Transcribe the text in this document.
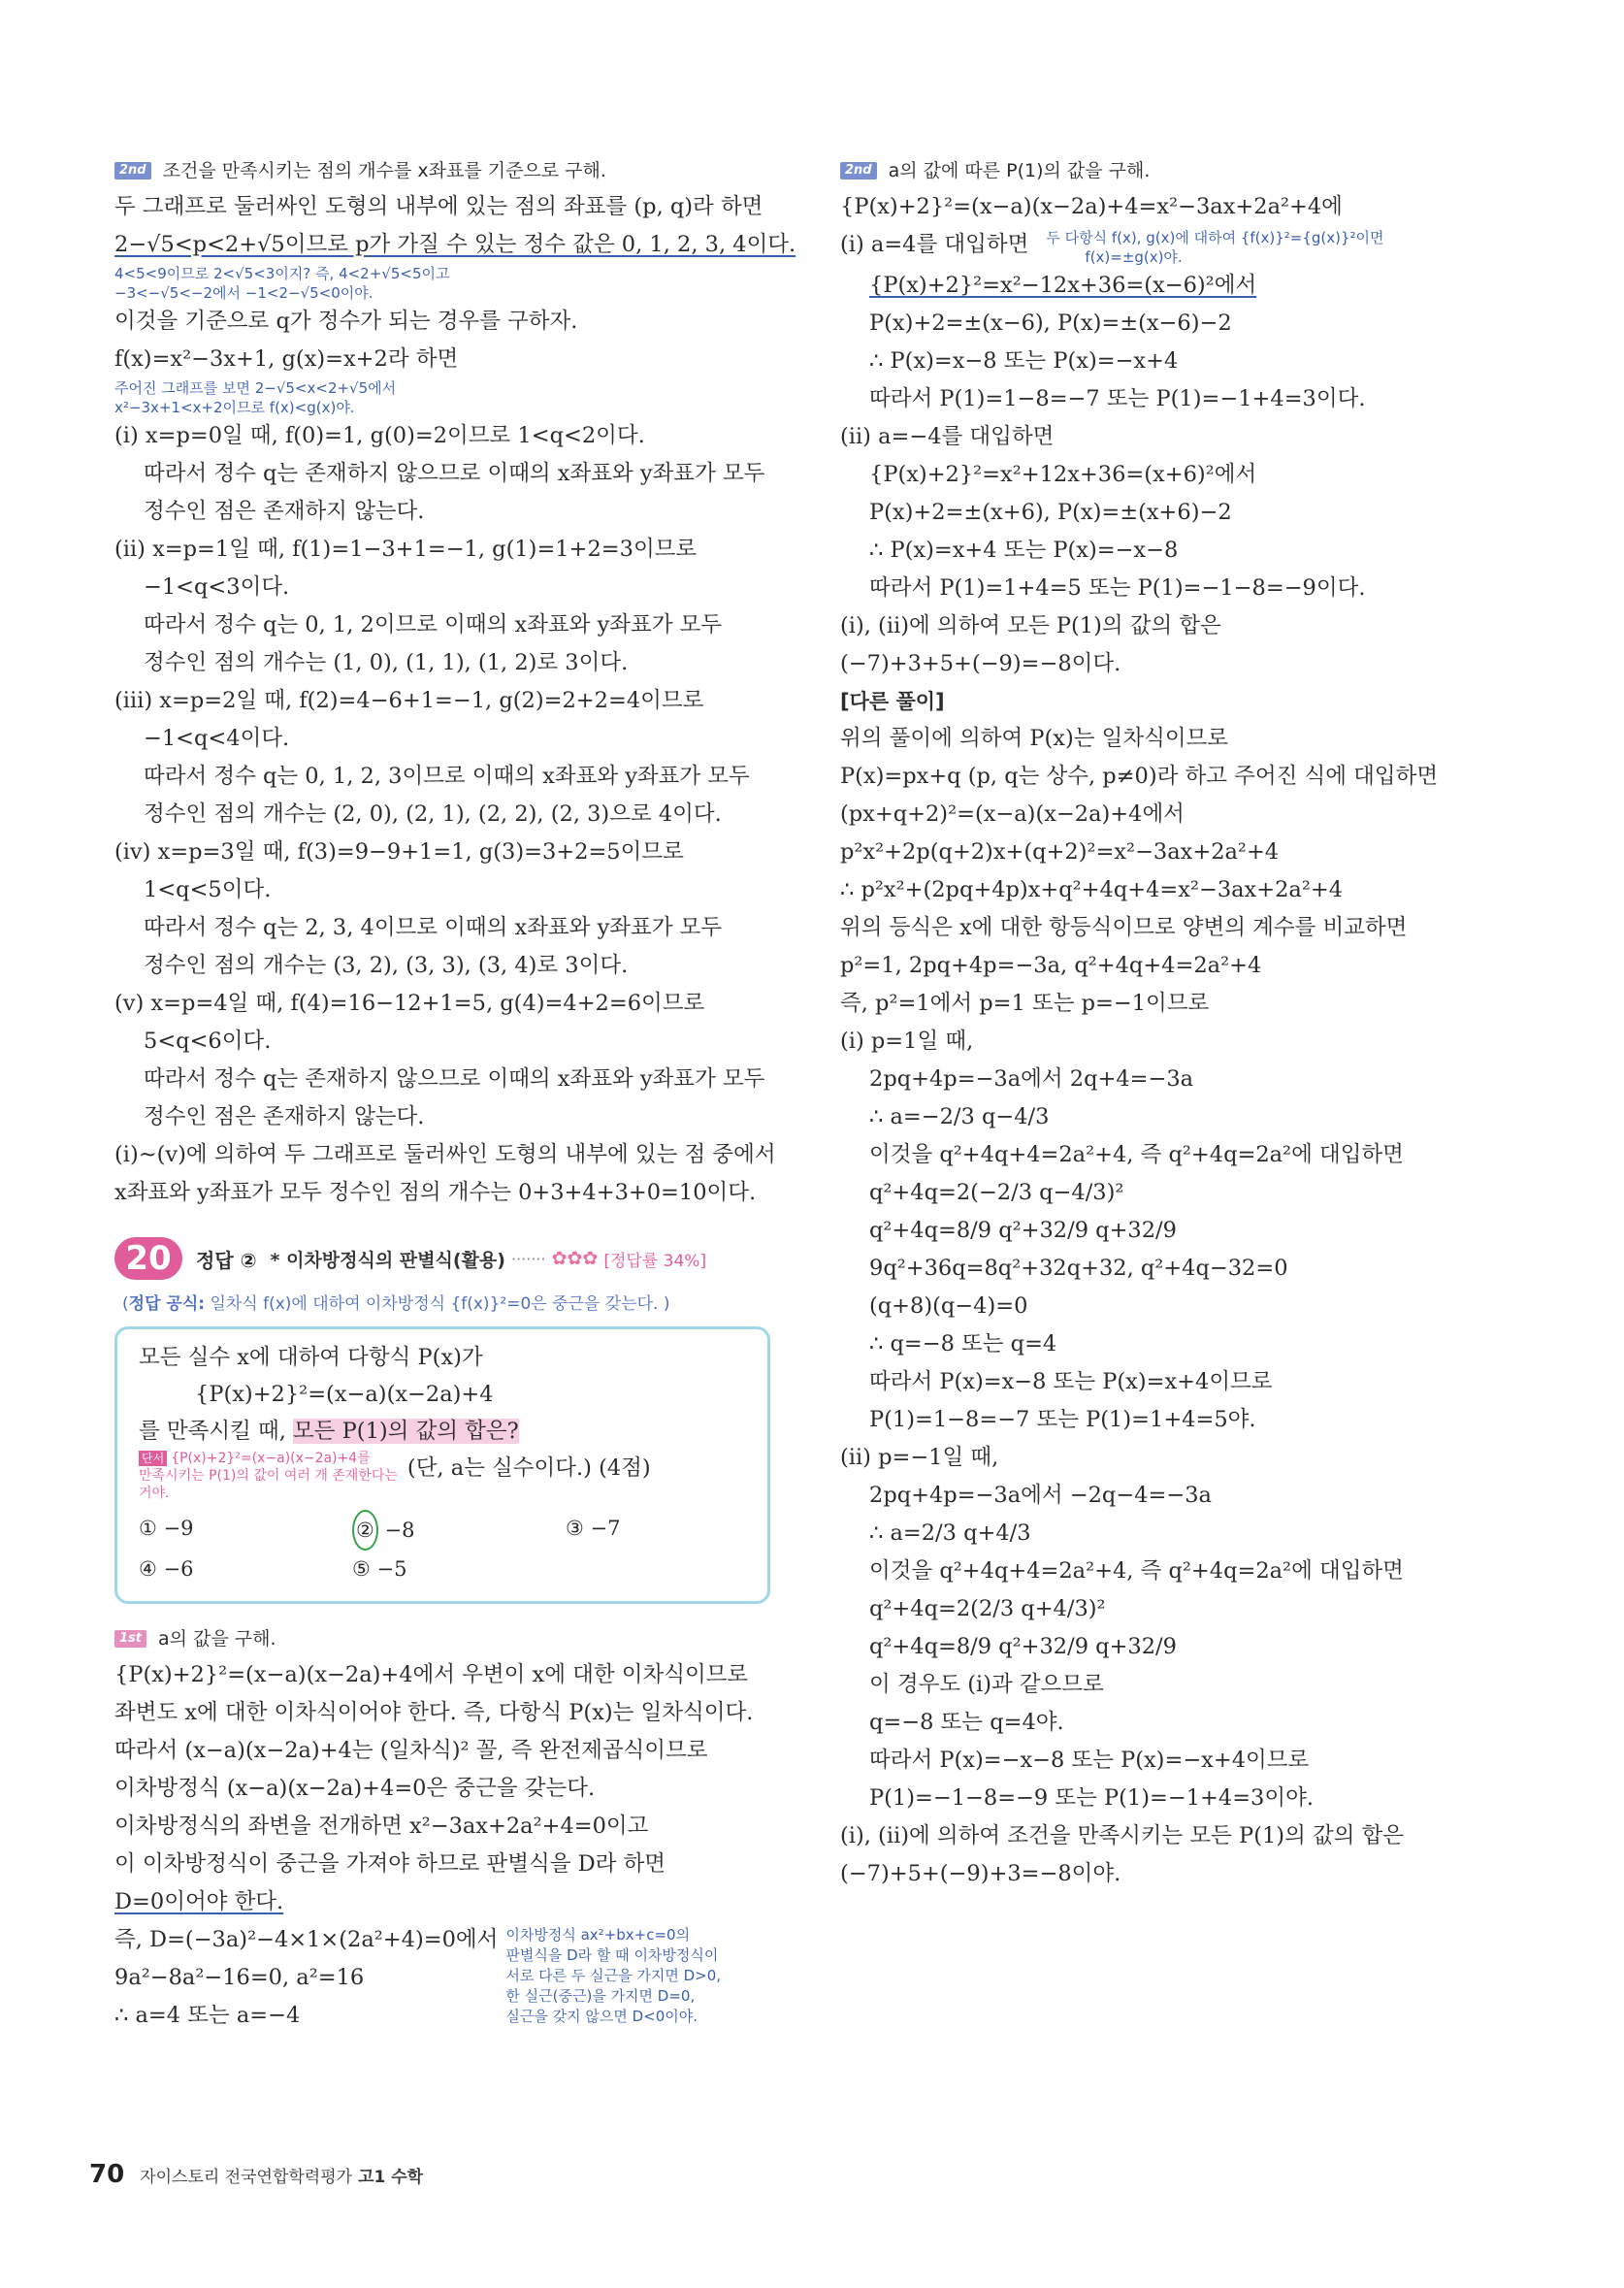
2nd 조건을 만족시키는 점의 개수를 x좌표를 기준으로 구해.
두 그래프로 둘러싸인 도형의 내부에 있는 점의 좌표를 (p, q)라 하면
2−√5<p<2+√5이므로 p가 가질 수 있는 정수 값은 0, 1, 2, 3, 4이다.
4<5<9이므로 2<√5<3이지? 즉, 4<2+√5<5이고
−3<−√5<−2에서 −1<2−√5<0이야.
이것을 기준으로 q가 정수가 되는 경우를 구하자.
f(x)=x²−3x+1, g(x)=x+2라 하면
주어진 그래프를 보면 2−√5<x<2+√5에서
x²−3x+1<x+2이므로 f(x)<g(x)야.
(ⅰ) x=p=0일 때, f(0)=1, g(0)=2이므로 1<q<2이다.
따라서 정수 q는 존재하지 않으므로 이때의 x좌표와 y좌표가 모두
정수인 점은 존재하지 않는다.
(ⅱ) x=p=1일 때, f(1)=1−3+1=−1, g(1)=1+2=3이므로
−1<q<3이다.
따라서 정수 q는 0, 1, 2이므로 이때의 x좌표와 y좌표가 모두
정수인 점의 개수는 (1, 0), (1, 1), (1, 2)로 3이다.
(ⅲ) x=p=2일 때, f(2)=4−6+1=−1, g(2)=2+2=4이므로
−1<q<4이다.
따라서 정수 q는 0, 1, 2, 3이므로 이때의 x좌표와 y좌표가 모두
정수인 점의 개수는 (2, 0), (2, 1), (2, 2), (2, 3)으로 4이다.
(ⅳ) x=p=3일 때, f(3)=9−9+1=1, g(3)=3+2=5이므로
1<q<5이다.
따라서 정수 q는 2, 3, 4이므로 이때의 x좌표와 y좌표가 모두
정수인 점의 개수는 (3, 2), (3, 3), (3, 4)로 3이다.
(ⅴ) x=p=4일 때, f(4)=16−12+1=5, g(4)=4+2=6이므로
5<q<6이다.
따라서 정수 q는 존재하지 않으므로 이때의 x좌표와 y좌표가 모두
정수인 점은 존재하지 않는다.
(ⅰ)~(ⅴ)에 의하여 두 그래프로 둘러싸인 도형의 내부에 있는 점 중에서
x좌표와 y좌표가 모두 정수인 점의 개수는 0+3+4+3+0=10이다.
20	정답 ② * 이차방정식의 판별식(활용) ······· ✿✿✿ [정답률 34%]
(정답 공식: 일차식 f(x)에 대하여 이차방정식 {f(x)}²=0은 중근을 갖는다. )
모든 실수 x에 대하여 다항식 P(x)가
{P(x)+2}²=(x−a)(x−2a)+4
를 만족시킬 때, 모든 P(1)의 값의 합은?
단서 {P(x)+2}²=(x−a)(x−2a)+4를
만족시키는 P(1)의 값이 여러 개 존재한다는
거야.
(단, a는 실수이다.) (4점)
① −9	② −8	③ −7
④ −6	⑤ −5
1st a의 값을 구해.
{P(x)+2}²=(x−a)(x−2a)+4에서 우변이 x에 대한 이차식이므로
좌변도 x에 대한 이차식이어야 한다. 즉, 다항식 P(x)는 일차식이다.
따라서 (x−a)(x−2a)+4는 (일차식)² 꼴, 즉 완전제곱식이므로
이차방정식 (x−a)(x−2a)+4=0은 중근을 갖는다.
이차방정식의 좌변을 전개하면 x²−3ax+2a²+4=0이고
이 이차방정식이 중근을 가져야 하므로 판별식을 D라 하면
D=0이어야 한다.
즉, D=(−3a)²−4×1×(2a²+4)=0에서
9a²−8a²−16=0, a²=16
∴ a=4 또는 a=−4
이차방정식 ax²+bx+c=0의
판별식을 D라 할 때 이차방정식이
서로 다른 두 실근을 가지면 D>0,
한 실근(중근)을 가지면 D=0,
실근을 갖지 않으면 D<0이야.
2nd a의 값에 따른 P(1)의 값을 구해.
{P(x)+2}²=(x−a)(x−2a)+4=x²−3ax+2a²+4에
(ⅰ) a=4를 대입하면 두 다항식 f(x), g(x)에 대하여 {f(x)}²={g(x)}²이면
f(x)=±g(x)야.
{P(x)+2}²=x²−12x+36=(x−6)²에서
P(x)+2=±(x−6), P(x)=±(x−6)−2
∴ P(x)=x−8 또는 P(x)=−x+4
따라서 P(1)=1−8=−7 또는 P(1)=−1+4=3이다.
(ⅱ) a=−4를 대입하면
{P(x)+2}²=x²+12x+36=(x+6)²에서
P(x)+2=±(x+6), P(x)=±(x+6)−2
∴ P(x)=x+4 또는 P(x)=−x−8
따라서 P(1)=1+4=5 또는 P(1)=−1−8=−9이다.
(ⅰ), (ⅱ)에 의하여 모든 P(1)의 값의 합은
(−7)+3+5+(−9)=−8이다.
[다른 풀이]
위의 풀이에 의하여 P(x)는 일차식이므로
P(x)=px+q (p, q는 상수, p≠0)라 하고 주어진 식에 대입하면
(px+q+2)²=(x−a)(x−2a)+4에서
p²x²+2p(q+2)x+(q+2)²=x²−3ax+2a²+4
∴ p²x²+(2pq+4p)x+q²+4q+4=x²−3ax+2a²+4
위의 등식은 x에 대한 항등식이므로 양변의 계수를 비교하면
p²=1, 2pq+4p=−3a, q²+4q+4=2a²+4
즉, p²=1에서 p=1 또는 p=−1이므로
(ⅰ) p=1일 때,
2pq+4p=−3a에서 2q+4=−3a
∴ a=−2/3 q−4/3
이것을 q²+4q+4=2a²+4, 즉 q²+4q=2a²에 대입하면
q²+4q=2(−2/3 q−4/3)²
q²+4q=8/9 q²+32/9 q+32/9
9q²+36q=8q²+32q+32, q²+4q−32=0
(q+8)(q−4)=0
∴ q=−8 또는 q=4
따라서 P(x)=x−8 또는 P(x)=x+4이므로
P(1)=1−8=−7 또는 P(1)=1+4=5야.
(ⅱ) p=−1일 때,
2pq+4p=−3a에서 −2q−4=−3a
∴ a=2/3 q+4/3
이것을 q²+4q+4=2a²+4, 즉 q²+4q=2a²에 대입하면
q²+4q=2(2/3 q+4/3)²
q²+4q=8/9 q²+32/9 q+32/9
이 경우도 (ⅰ)과 같으므로
q=−8 또는 q=4야.
따라서 P(x)=−x−8 또는 P(x)=−x+4이므로
P(1)=−1−8=−9 또는 P(1)=−1+4=3이야.
(ⅰ), (ⅱ)에 의하여 조건을 만족시키는 모든 P(1)의 값의 합은
(−7)+5+(−9)+3=−8이야.
70 자이스토리 전국연합학력평가 고1 수학
